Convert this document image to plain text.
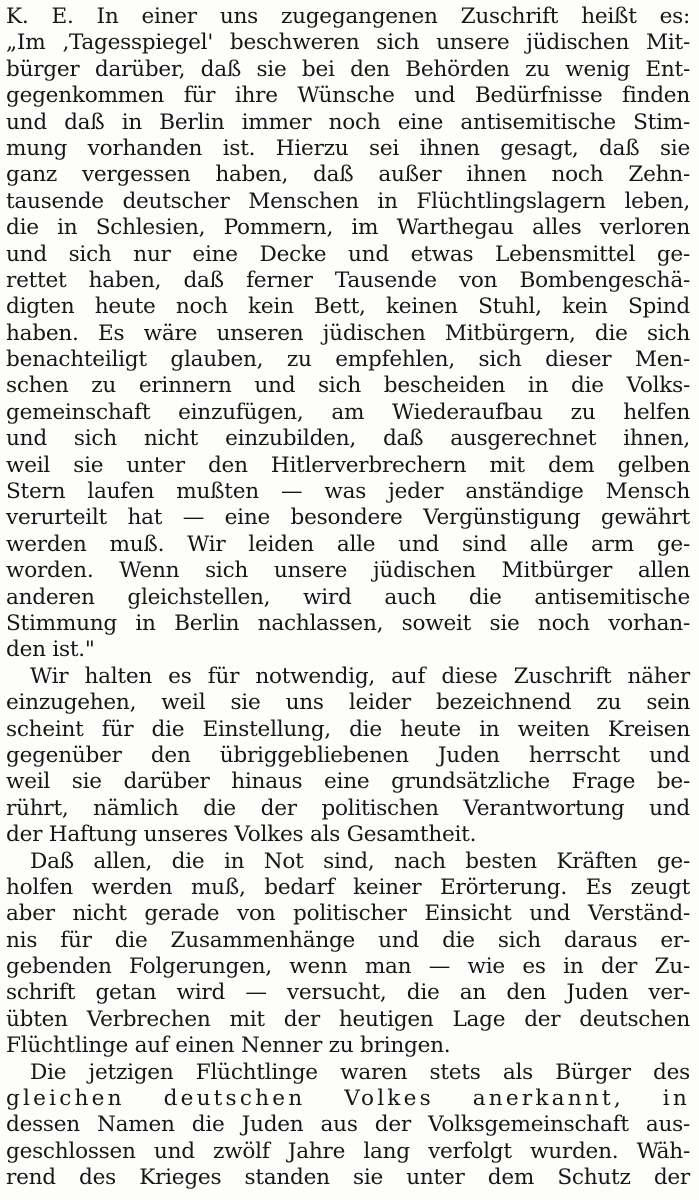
K. E. In einer uns zugegangenen Zuschrift heißt es:
„Im ‚Tagesspiegel' beschweren sich unsere jüdischen Mit-
bürger darüber, daß sie bei den Behörden zu wenig Ent-
gegenkommen für ihre Wünsche und Bedürfnisse finden
und daß in Berlin immer noch eine antisemitische Stim-
mung vorhanden ist. Hierzu sei ihnen gesagt, daß sie
ganz vergessen haben, daß außer ihnen noch Zehn-
tausende deutscher Menschen in Flüchtlingslagern leben,
die in Schlesien, Pommern, im Warthegau alles verloren
und sich nur eine Decke und etwas Lebensmittel ge-
rettet haben, daß ferner Tausende von Bombengeschä-
digten heute noch kein Bett, keinen Stuhl, kein Spind
haben. Es wäre unseren jüdischen Mitbürgern, die sich
benachteiligt glauben, zu empfehlen, sich dieser Men-
schen zu erinnern und sich bescheiden in die Volks-
gemeinschaft einzufügen, am Wiederaufbau zu helfen
und sich nicht einzubilden, daß ausgerechnet ihnen,
weil sie unter den Hitlerverbrechern mit dem gelben
Stern laufen mußten — was jeder anständige Mensch
verurteilt hat — eine besondere Vergünstigung gewährt
werden muß. Wir leiden alle und sind alle arm ge-
worden. Wenn sich unsere jüdischen Mitbürger allen
anderen gleichstellen, wird auch die antisemitische
Stimmung in Berlin nachlassen, soweit sie noch vorhan-
den ist."
Wir halten es für notwendig, auf diese Zuschrift näher
einzugehen, weil sie uns leider bezeichnend zu sein
scheint für die Einstellung, die heute in weiten Kreisen
gegenüber den übriggebliebenen Juden herrscht und
weil sie darüber hinaus eine grundsätzliche Frage be-
rührt, nämlich die der politischen Verantwortung und
der Haftung unseres Volkes als Gesamtheit.
Daß allen, die in Not sind, nach besten Kräften ge-
holfen werden muß, bedarf keiner Erörterung. Es zeugt
aber nicht gerade von politischer Einsicht und Verständ-
nis für die Zusammenhänge und die sich daraus er-
gebenden Folgerungen, wenn man — wie es in der Zu-
schrift getan wird — versucht, die an den Juden ver-
übten Verbrechen mit der heutigen Lage der deutschen
Flüchtlinge auf einen Nenner zu bringen.
Die jetzigen Flüchtlinge waren stets als Bürger des
gleichen deutschen Volkes anerkannt, in
dessen Namen die Juden aus der Volksgemeinschaft aus-
geschlossen und zwölf Jahre lang verfolgt wurden. Wäh-
rend des Krieges standen sie unter dem Schutz der
